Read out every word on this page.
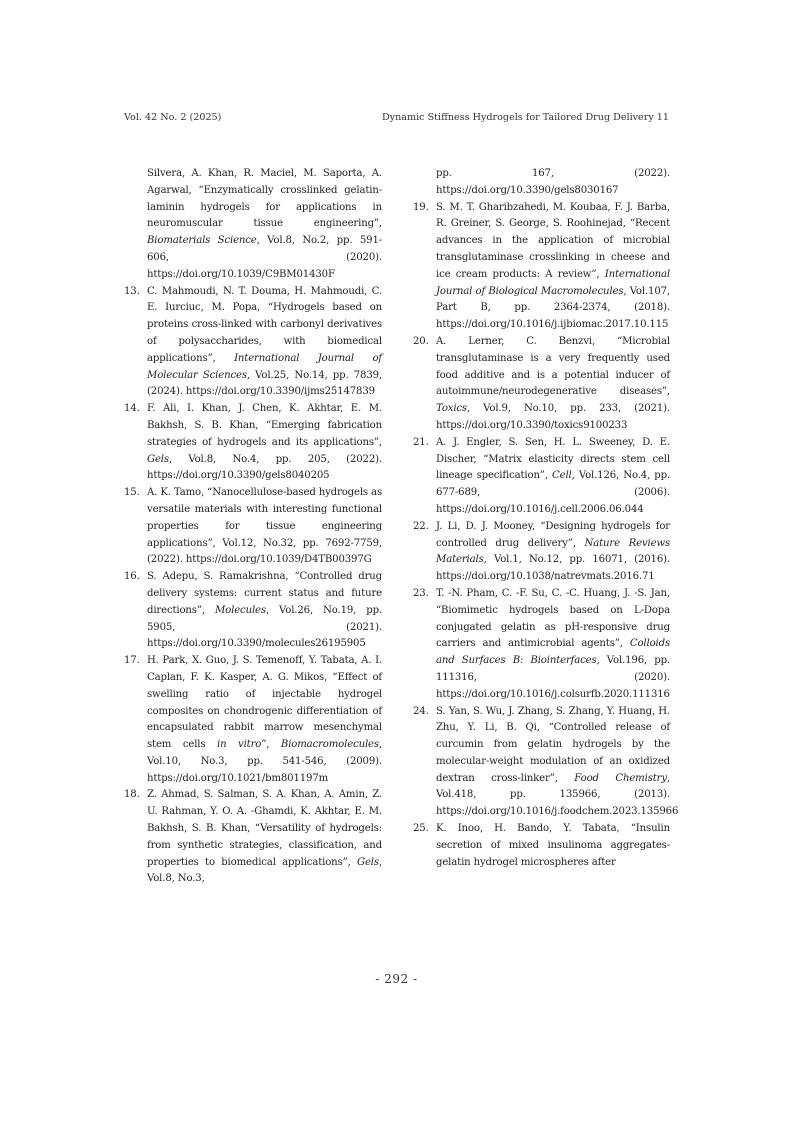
Vol. 42 No. 2 (2025)	Dynamic Stiffness Hydrogels for Tailored Drug Delivery 11
Silvera, A. Khan, R. Maciel, M. Saporta, A. Agarwal, “Enzymatically crosslinked gelatin-laminin hydrogels for applications in neuromuscular tissue engineering”, Biomaterials Science, Vol.8, No.2, pp. 591-606, (2020). https://doi.org/10.1039/C9BM01430F
13. C. Mahmoudi, N. T. Douma, H. Mahmoudi, C. E. Iurciuc, M. Popa, “Hydrogels based on proteins cross-linked with carbonyl derivatives of polysaccharides, with biomedical applications”, International Journal of Molecular Sciences, Vol.25, No.14, pp. 7839, (2024). https://doi.org/10.3390/ijms25147839
14. F. Ali, I. Khan, J. Chen, K. Akhtar, E. M. Bakhsh, S. B. Khan, “Emerging fabrication strategies of hydrogels and its applications”, Gels, Vol.8, No.4, pp. 205, (2022). https://doi.org/10.3390/gels8040205
15. A. K. Tamo, “Nanocellulose-based hydrogels as versatile materials with interesting functional properties for tissue engineering applications”, Vol.12, No.32, pp. 7692-7759, (2022). https://doi.org/10.1039/D4TB00397G
16. S. Adepu, S. Ramakrishna, “Controlled drug delivery systems: current status and future directions”, Molecules, Vol.26, No.19, pp. 5905, (2021). https://doi.org/10.3390/molecules26195905
17. H. Park, X. Guo, J. S. Temenoff, Y. Tabata, A. I. Caplan, F. K. Kasper, A. G. Mikos, “Effect of swelling ratio of injectable hydrogel composites on chondrogenic differentiation of encapsulated rabbit marrow mesenchymal stem cells in vitro”, Biomacromolecules, Vol.10, No.3, pp. 541-546, (2009). https://doi.org/10.1021/bm801197m
18. Z. Ahmad, S. Salman, S. A. Khan, A. Amin, Z. U. Rahman, Y. O. A. -Ghamdi, K. Akhtar, E. M. Bakhsh, S. B. Khan, “Versatility of hydrogels: from synthetic strategies, classification, and properties to biomedical applications”, Gels, Vol.8, No.3,
pp. 167, (2022). https://doi.org/10.3390/gels8030167
19. S. M. T. Gharibzahedi, M. Koubaa, F. J. Barba, R. Greiner, S. George, S. Roohinejad, “Recent advances in the application of microbial transglutaminase crosslinking in cheese and ice cream products: A review”, International Journal of Biological Macromolecules, Vol.107, Part B, pp. 2364-2374, (2018). https://doi.org/10.1016/j.ijbiomac.2017.10.115
20. A. Lerner, C. Benzvi, “Microbial transglutaminase is a very frequently used food additive and is a potential inducer of autoimmune/neurodegenerative diseases”, Toxics, Vol.9, No.10, pp. 233, (2021). https://doi.org/10.3390/toxics9100233
21. A. J. Engler, S. Sen, H. L. Sweeney, D. E. Discher, “Matrix elasticity directs stem cell lineage specification”, Cell, Vol.126, No.4, pp. 677-689, (2006). https://doi.org/10.1016/j.cell.2006.06.044
22. J. Li, D. J. Mooney, “Designing hydrogels for controlled drug delivery”, Nature Reviews Materials, Vol.1, No.12, pp. 16071, (2016). https://doi.org/10.1038/natrevmats.2016.71
23. T. -N. Pham, C. -F. Su, C. -C. Huang, J. -S. Jan, “Biomimetic hydrogels based on L-Dopa conjugated gelatin as pH-responsive drug carriers and antimicrobial agents”, Colloids and Surfaces B: Biointerfaces, Vol.196, pp. 111316, (2020). https://doi.org/10.1016/j.colsurfb.2020.111316
24. S. Yan, S. Wu, J. Zhang, S. Zhang, Y. Huang, H. Zhu, Y. Li, B. Qi, “Controlled release of curcumin from gelatin hydrogels by the molecular-weight modulation of an oxidized dextran cross-linker”, Food Chemistry, Vol.418, pp. 135966, (2013). https://doi.org/10.1016/j.foodchem.2023.135966
25. K. Inoo, H. Bando, Y. Tabata, “Insulin secretion of mixed insulinoma aggregates-gelatin hydrogel microspheres after
- 292 -
